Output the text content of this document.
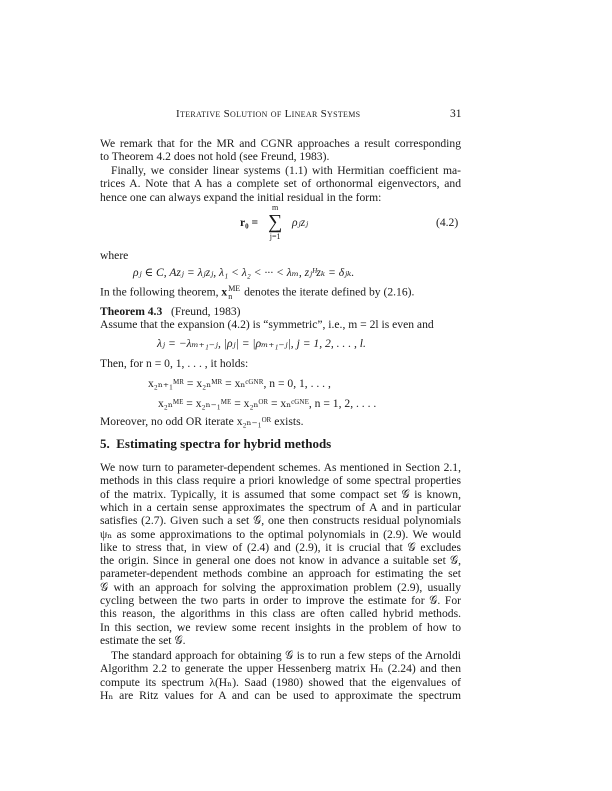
Iterative Solution of Linear Systems	31
We remark that for the MR and CGNR approaches a result corresponding
to Theorem 4.2 does not hold (see Freund, 1983).
Finally, we consider linear systems (1.1) with Hermitian coefficient ma-
trices A. Note that A has a complete set of orthonormal eigenvectors, and
hence one can always expand the initial residual in the form:
r₀ =
m
∑
j=1
ρⱼzⱼ	(4.2)
where
ρⱼ ∈ C, Azⱼ = λⱼzⱼ, λ₁ < λ₂ < ··· < λₘ, zⱼᴴzₖ = δⱼₖ.
In the following theorem, x ME
n denotes the iterate defined by (2.16).
Theorem 4.3 (Freund, 1983)
Assume that the expansion (4.2) is “symmetric”, i.e., m = 2l is even and
λⱼ = −λₘ₊₁₋ⱼ, |ρⱼ| = |ρₘ₊₁₋ⱼ|, j = 1, 2, . . . , l.
Then, for n = 0, 1, . . . , it holds:
x₂ₙ₊₁ᴹᴿ = x₂ₙᴹᴿ = xₙᶜᴳᴺᴿ, n = 0, 1, . . . ,
x₂ₙᴹᴱ = x₂ₙ₋₁ᴹᴱ = x₂ₙᴼᴿ = xₙᶜᴳᴺᴱ, n = 1, 2, . . . .
Moreover, no odd OR iterate x₂ₙ₋₁ᴼᴿ exists.
5. Estimating spectra for hybrid methods
We now turn to parameter-dependent schemes. As mentioned in Section 2.1,
methods in this class require a priori knowledge of some spectral properties
of the matrix. Typically, it is assumed that some compact set 𝒢 is known,
which in a certain sense approximates the spectrum of A and in particular
satisfies (2.7). Given such a set 𝒢, one then constructs residual polynomials
ψₙ as some approximations to the optimal polynomials in (2.9). We would
like to stress that, in view of (2.4) and (2.9), it is crucial that 𝒢 excludes
the origin. Since in general one does not know in advance a suitable set 𝒢,
parameter-dependent methods combine an approach for estimating the set
𝒢 with an approach for solving the approximation problem (2.9), usually
cycling between the two parts in order to improve the estimate for 𝒢. For
this reason, the algorithms in this class are often called hybrid methods.
In this section, we review some recent insights in the problem of how to
estimate the set 𝒢.
The standard approach for obtaining 𝒢 is to run a few steps of the Arnoldi
Algorithm 2.2 to generate the upper Hessenberg matrix Hₙ (2.24) and then
compute its spectrum λ(Hₙ). Saad (1980) showed that the eigenvalues of
Hₙ are Ritz values for A and can be used to approximate the spectrum
